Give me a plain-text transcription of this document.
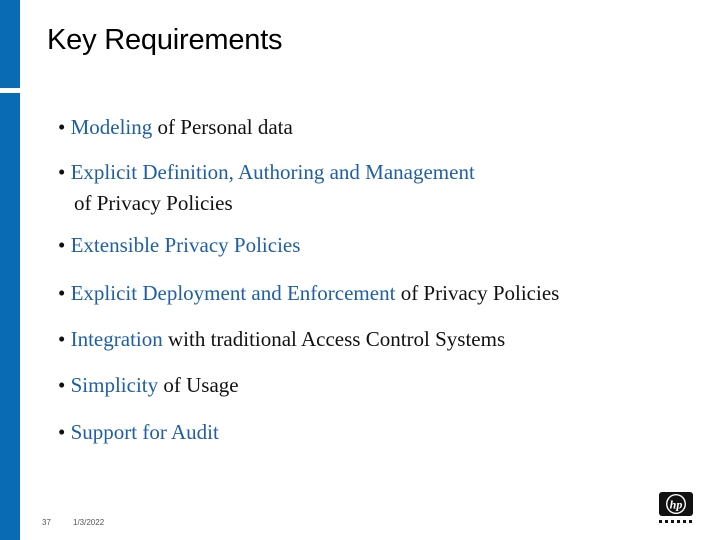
Key Requirements
• Modeling of Personal data
• Explicit Definition, Authoring and Management
of Privacy Policies
• Extensible Privacy Policies
• Explicit Deployment and Enforcement of Privacy Policies
• Integration with traditional Access Control Systems
• Simplicity of Usage
• Support for Audit
37	1/3/2022
hp
